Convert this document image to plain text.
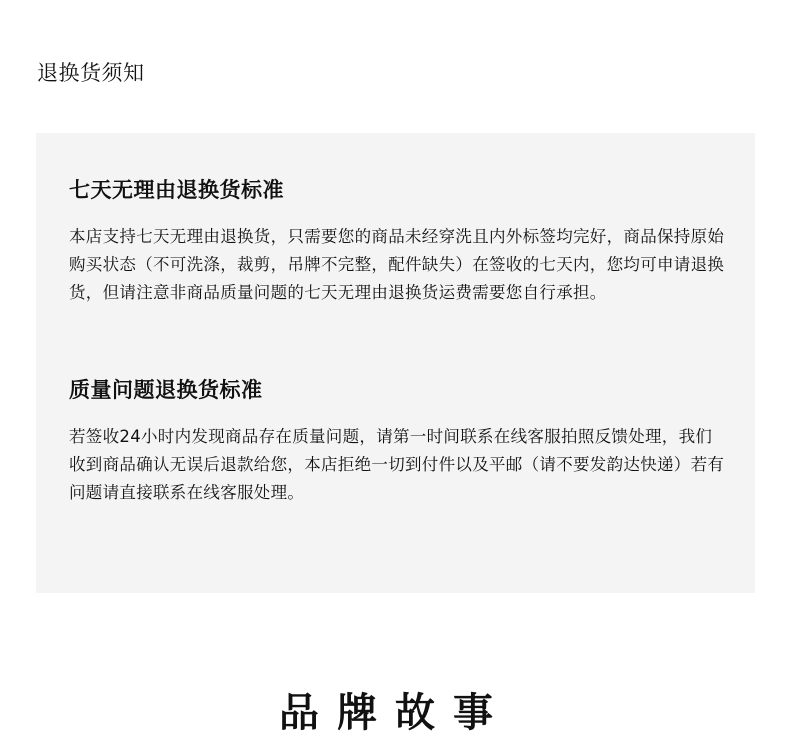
退换货须知
七天无理由退换货标准

本店支持七天无理由退换货，只需要您的商品未经穿洗且内外标签均完好，商品保持原始购买状态（不可洗涤，裁剪，吊牌不完整，配件缺失）在签收的七天内，您均可申请退换货，但请注意非商品质量问题的七天无理由退换货运费需要您自行承担。

质量问题退换货标准

若签收24小时内发现商品存在质量问题，请第一时间联系在线客服拍照反馈处理，我们收到商品确认无误后退款给您，本店拒绝一切到付件以及平邮（请不要发韵达快递）若有问题请直接联系在线客服处理。

品牌故事
